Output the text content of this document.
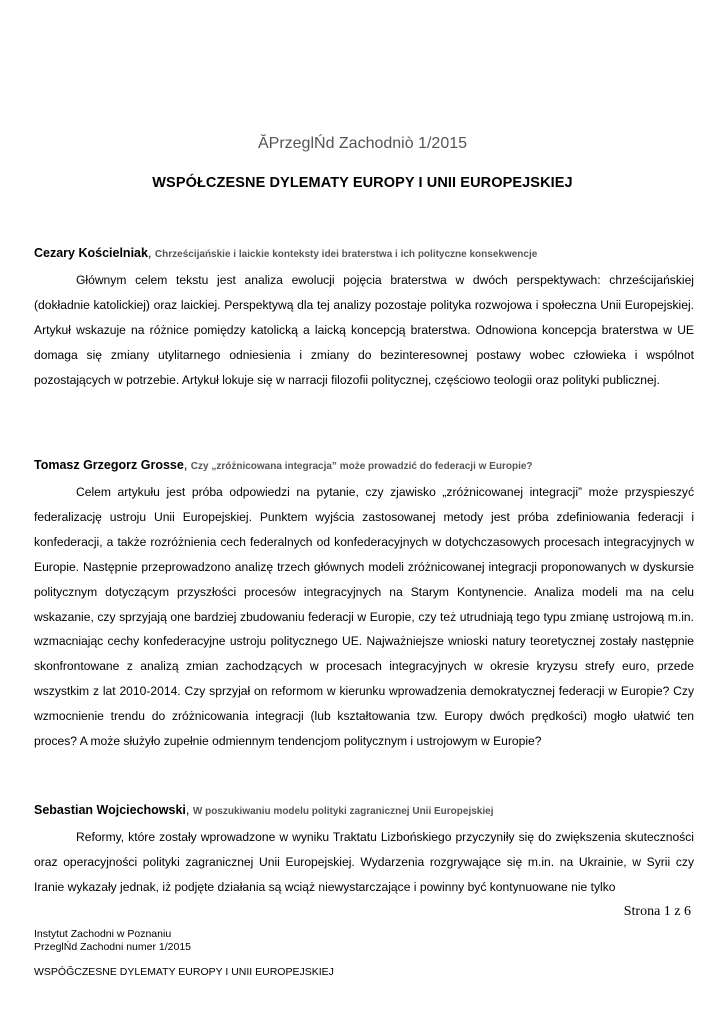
ĂPrzeglŃd Zachodniò 1/2015
WSPÓŁCZESNE DYLEMATY EUROPY I UNII EUROPEJSKIEJ

Cezary Kościelniak, Chrześcijańskie i laickie konteksty idei braterstwa i ich polityczne konsekwencje

Głównym celem tekstu jest analiza ewolucji pojęcia braterstwa w dwóch perspektywach: chrześcijańskiej (dokładnie katolickiej) oraz laickiej. Perspektywą dla tej analizy pozostaje polityka rozwojowa i społeczna Unii Europejskiej. Artykuł wskazuje na różnice pomiędzy katolicką a laicką koncepcją braterstwa. Odnowiona koncepcja braterstwa w UE domaga się zmiany utylitarnego odniesienia i zmiany do bezinteresownej postawy wobec człowieka i wspólnot pozostających w potrzebie. Artykuł lokuje się w narracji filozofii politycznej, częściowo teologii oraz polityki publicznej.

Tomasz Grzegorz Grosse, Czy „zróżnicowana integracja” może prowadzić do federacji w Europie?

Celem artykułu jest próba odpowiedzi na pytanie, czy zjawisko „zróżnicowanej integracji” może przyspieszyć federalizację ustroju Unii Europejskiej. Punktem wyjścia zastosowanej metody jest próba zdefiniowania federacji i konfederacji, a także rozróżnienia cech federalnych od konfederacyjnych w dotychczasowych procesach integracyjnych w Europie. Następnie przeprowadzono analizę trzech głównych modeli zróżnicowanej integracji proponowanych w dyskursie politycznym dotyczącym przyszłości procesów integracyjnych na Starym Kontynencie. Analiza modeli ma na celu wskazanie, czy sprzyjają one bardziej zbudowaniu federacji w Europie, czy też utrudniają tego typu zmianę ustrojową m.in. wzmacniając cechy konfederacyjne ustroju politycznego UE. Najważniejsze wnioski natury teoretycznej zostały następnie skonfrontowane z analizą zmian zachodzących w procesach integracyjnych w okresie kryzysu strefy euro, przede wszystkim z lat 2010-2014. Czy sprzyjał on reformom w kierunku wprowadzenia demokratycznej federacji w Europie? Czy wzmocnienie trendu do zróżnicowania integracji (lub kształtowania tzw. Europy dwóch prędkości) mogło ułatwić ten proces? A może służyło zupełnie odmiennym tendencjom politycznym i ustrojowym w Europie?

Sebastian Wojciechowski, W poszukiwaniu modelu polityki zagranicznej Unii Europejskiej

Reformy, które zostały wprowadzone w wyniku Traktatu Lizbońskiego przyczyniły się do zwiększenia skuteczności oraz operacyjności polityki zagranicznej Unii Europejskiej. Wydarzenia rozgrywające się m.in. na Ukrainie, w Syrii czy Iranie wykazały jednak, iż podjęte działania są wciąż niewystarczające i powinny być kontynuowane nie tylko

Strona 1 z 6
Instytut Zachodni w Poznaniu
PrzeglŃd Zachodni numer 1/2015
WSPÓĞCZESNE DYLEMATY EUROPY I UNII EUROPEJSKIEJ
